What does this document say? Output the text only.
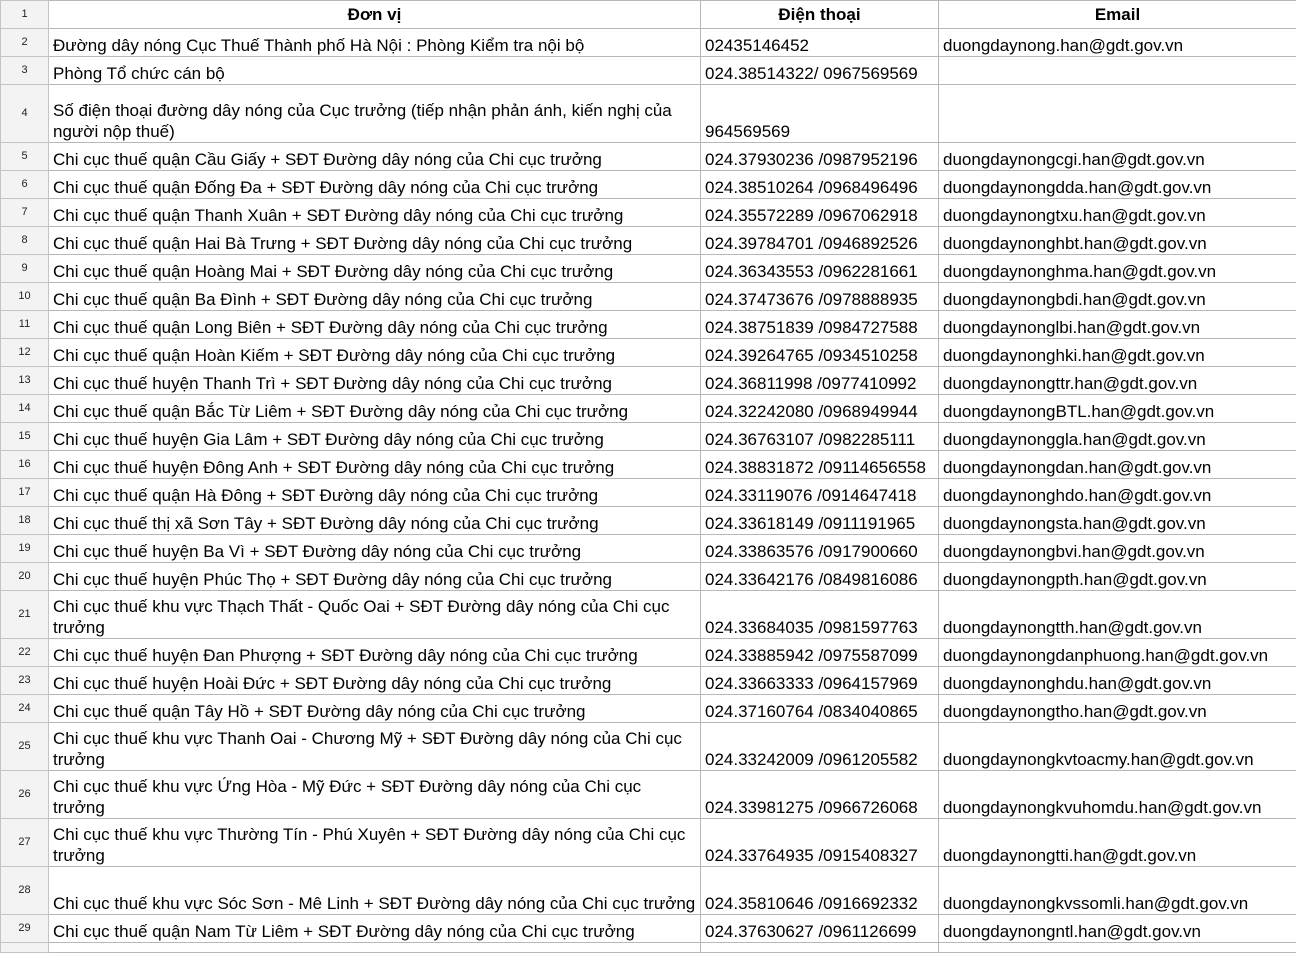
1	Đơn vị	Điện thoại	Email
2	Đường dây nóng Cục Thuế Thành phố Hà Nội : Phòng Kiểm tra nội bộ	02435146452	duongdaynong.han@gdt.gov.vn
3	Phòng Tổ chức cán bộ	024.38514322/ 0967569569	
4	Số điện thoại đường dây nóng của Cục trưởng (tiếp nhận phản ánh, kiến nghị của người nộp thuế)	964569569	
5	Chi cục thuế quận Cầu Giấy + SĐT Đường dây nóng của Chi cục trưởng	024.37930236 /0987952196	duongdaynongcgi.han@gdt.gov.vn
6	Chi cục thuế quận Đống Đa + SĐT Đường dây nóng của Chi cục trưởng	024.38510264 /0968496496	duongdaynongdda.han@gdt.gov.vn
7	Chi cục thuế quận Thanh Xuân + SĐT Đường dây nóng của Chi cục trưởng	024.35572289 /0967062918	duongdaynongtxu.han@gdt.gov.vn
8	Chi cục thuế quận Hai Bà Trưng + SĐT Đường dây nóng của Chi cục trưởng	024.39784701 /0946892526	duongdaynonghbt.han@gdt.gov.vn
9	Chi cục thuế quận Hoàng Mai + SĐT Đường dây nóng của Chi cục trưởng	024.36343553 /0962281661	duongdaynonghma.han@gdt.gov.vn
10	Chi cục thuế quận Ba Đình + SĐT Đường dây nóng của Chi cục trưởng	024.37473676 /0978888935	duongdaynongbdi.han@gdt.gov.vn
11	Chi cục thuế quận Long Biên + SĐT Đường dây nóng của Chi cục trưởng	024.38751839 /0984727588	duongdaynonglbi.han@gdt.gov.vn
12	Chi cục thuế quận Hoàn Kiếm + SĐT Đường dây nóng của Chi cục trưởng	024.39264765 /0934510258	duongdaynonghki.han@gdt.gov.vn
13	Chi cục thuế huyện Thanh Trì + SĐT Đường dây nóng của Chi cục trưởng	024.36811998 /0977410992	duongdaynongttr.han@gdt.gov.vn
14	Chi cục thuế quận Bắc Từ Liêm + SĐT Đường dây nóng của Chi cục trưởng	024.32242080 /0968949944	duongdaynongBTL.han@gdt.gov.vn
15	Chi cục thuế huyện Gia Lâm + SĐT Đường dây nóng của Chi cục trưởng	024.36763107 /0982285111	duongdaynonggla.han@gdt.gov.vn
16	Chi cục thuế huyện Đông Anh + SĐT Đường dây nóng của Chi cục trưởng	024.38831872 /09114656558	duongdaynongdan.han@gdt.gov.vn
17	Chi cục thuế quận Hà Đông + SĐT Đường dây nóng của Chi cục trưởng	024.33119076 /0914647418	duongdaynonghdo.han@gdt.gov.vn
18	Chi cục thuế thị xã Sơn Tây + SĐT Đường dây nóng của Chi cục trưởng	024.33618149 /0911191965	duongdaynongsta.han@gdt.gov.vn
19	Chi cục thuế huyện Ba Vì + SĐT Đường dây nóng của Chi cục trưởng	024.33863576 /0917900660	duongdaynongbvi.han@gdt.gov.vn
20	Chi cục thuế huyện Phúc Thọ + SĐT Đường dây nóng của Chi cục trưởng	024.33642176 /0849816086	duongdaynongpth.han@gdt.gov.vn
21	Chi cục thuế khu vực Thạch Thất - Quốc Oai + SĐT Đường dây nóng của Chi cục trưởng	024.33684035 /0981597763	duongdaynongtth.han@gdt.gov.vn
22	Chi cục thuế huyện Đan Phượng + SĐT Đường dây nóng của Chi cục trưởng	024.33885942 /0975587099	duongdaynongdanphuong.han@gdt.gov.vn
23	Chi cục thuế huyện Hoài Đức + SĐT Đường dây nóng của Chi cục trưởng	024.33663333 /0964157969	duongdaynonghdu.han@gdt.gov.vn
24	Chi cục thuế quận Tây Hồ + SĐT Đường dây nóng của Chi cục trưởng	024.37160764 /0834040865	duongdaynongtho.han@gdt.gov.vn
25	Chi cục thuế khu vực Thanh Oai - Chương Mỹ + SĐT Đường dây nóng của Chi cục trưởng	024.33242009 /0961205582	duongdaynongkvtoacmy.han@gdt.gov.vn
26	Chi cục thuế khu vực Ứng Hòa - Mỹ Đức + SĐT Đường dây nóng của Chi cục trưởng	024.33981275 /0966726068	duongdaynongkvuhomdu.han@gdt.gov.vn
27	Chi cục thuế khu vực Thường Tín - Phú Xuyên + SĐT Đường dây nóng của Chi cục trưởng	024.33764935 /0915408327	duongdaynongtti.han@gdt.gov.vn
28	Chi cục thuế khu vực Sóc Sơn - Mê Linh + SĐT Đường dây nóng của Chi cục trưởng	024.35810646 /0916692332	duongdaynongkvssomli.han@gdt.gov.vn
29	Chi cục thuế quận Nam Từ Liêm + SĐT Đường dây nóng của Chi cục trưởng	024.37630627 /0961126699	duongdaynongntl.han@gdt.gov.vn
